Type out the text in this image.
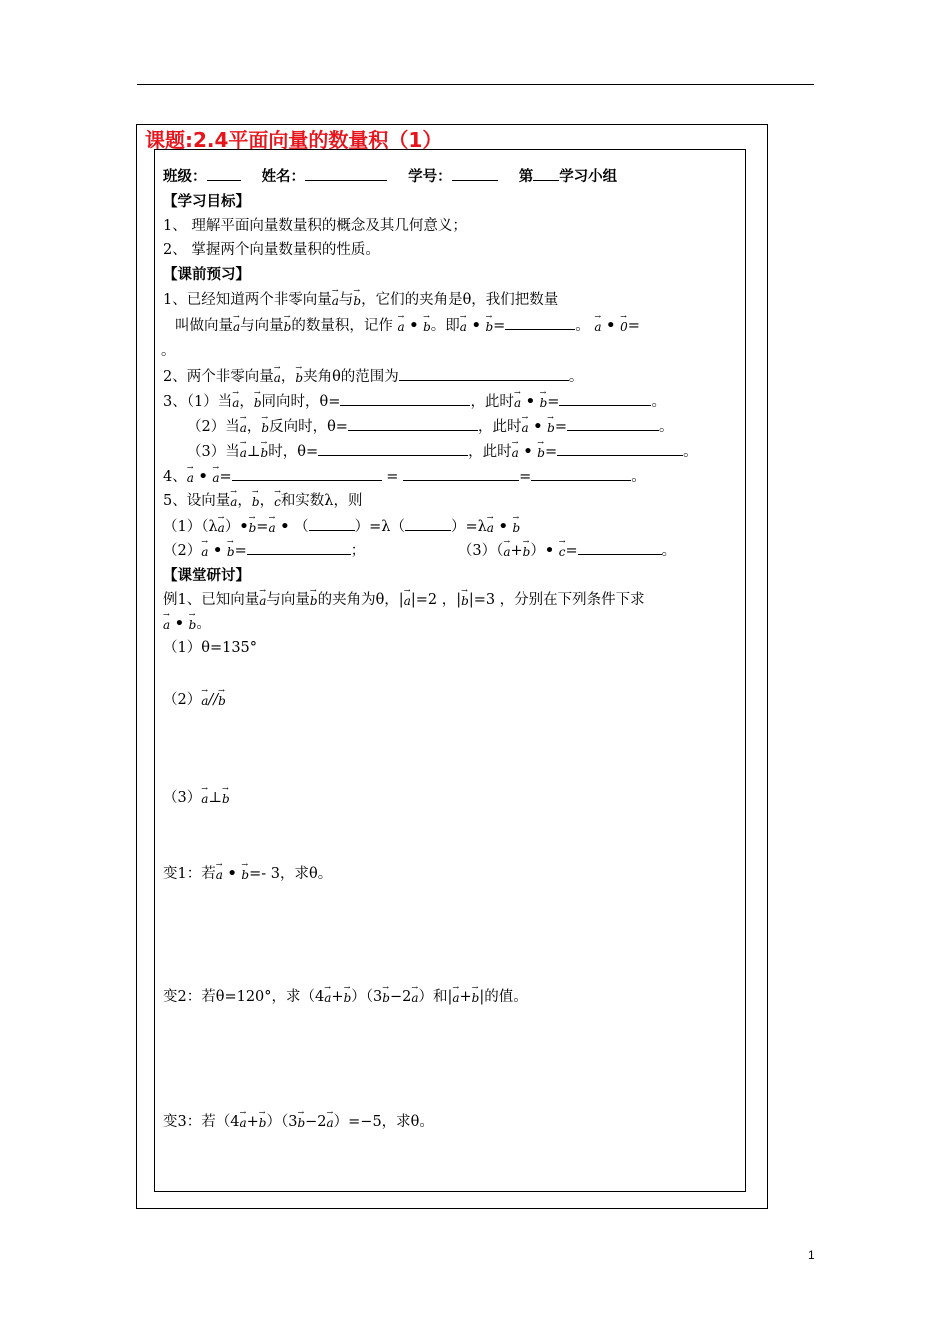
课题:2.4平面向量的数量积（1）
班级：	姓名：	学号：	第 学习小组
【学习目标】
1、 理解平面向量数量积的概念及其几何意义；
2、 掌握两个向量数量积的性质。
【课前预习】
1、已经知道两个非零向量→ a与→ b，它们的夹角是θ，我们把数量
叫做向量→ a与向量→ b的数量积，记作 → a • → b。即→ a • → b=	。 → a • → 0=
。
2、两个非零向量→ a，→ b夹角θ的范围为	。
3、（1）当→ a，→ b同向时，θ=	，此时→ a • → b=	。
（2）当→ a，→ b反向时，θ=	，此时→ a • → b=	。
（3）当→ a⊥→ b时，θ=	，此时→ a • → b=	。
4、→ a • → a=	=	=	。
5、设向量→ a，→ b，→ c和实数λ，则
（1）（λ→ a）•→ b=→ a • （	）=λ（	）=λ→ a • → b
（2）→ a • → b=	；	（3）（→ a+→ b）• → c=	。
【课堂研讨】
例1、已知向量→ a与向量→ b的夹角为θ，|→ a|=2 ，|→ b|=3 ，分别在下列条件下求
→ a • → b。
（1）θ=135°
（2）→ a//→ b
（3）→ a⊥→ b
变1：若→ a • → b=- 3，求θ。
变2：若θ=120°，求（4→ a+→ b）（3→ b−2→ a）和|→ a+→ b|的值。
变3：若（4→ a+→ b）（3→ b−2→ a）=−5，求θ。
1
